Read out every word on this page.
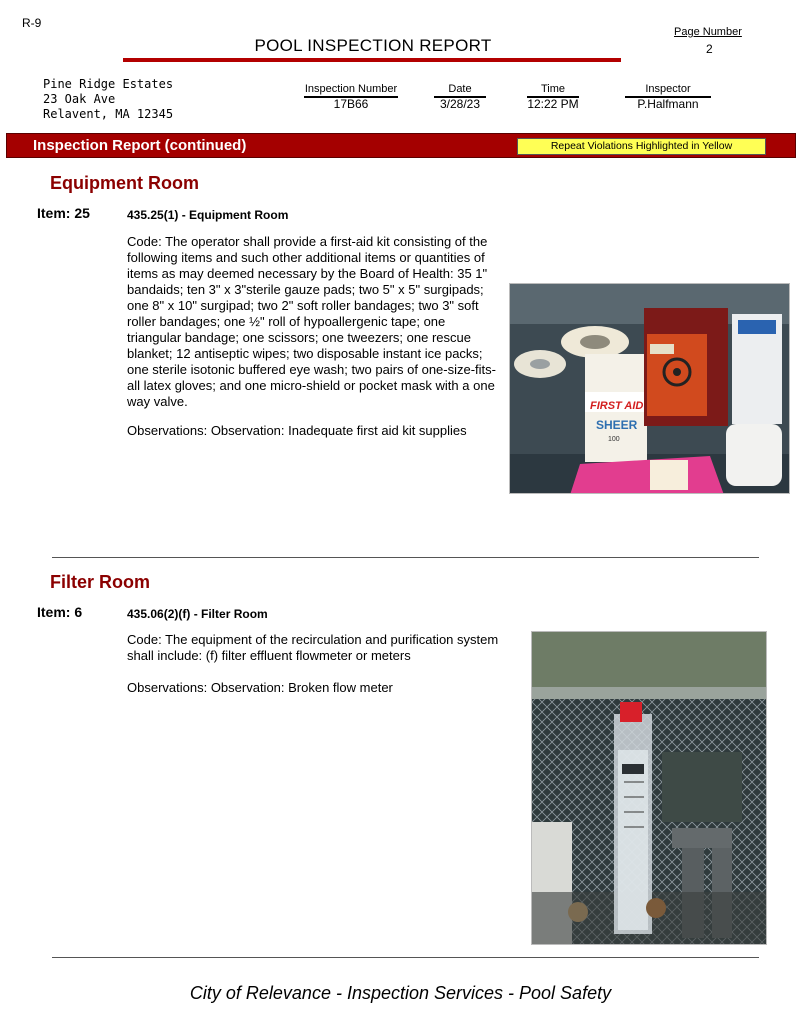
R-9
POOL INSPECTION REPORT
Page Number
2
Pine Ridge Estates
23 Oak Ave
Relavent, MA 12345
Inspection Number
17B66
Date
3/28/23
Time
12:22 PM
Inspector
P.Halfmann
Inspection Report (continued)	Repeat Violations Highlighted in Yellow
Equipment Room
Item: 25	435.25(1) - Equipment Room
Code: The operator shall provide a first-aid kit consisting of the following items and such other additional items or quantities of items as may deemed necessary by the Board of Health: 35 1" bandaids; ten 3" x 3"sterile gauze pads; two 5" x 5" surgipads; one 8" x 10" surgipad; two 2" soft roller bandages; two 3" soft roller bandages; one ½" roll of hypoallergenic tape; one triangular bandage; one scissors; one tweezers; one rescue blanket; 12 antiseptic wipes; two disposable instant ice packs; one sterile isotonic buffered eye wash; two pairs of one-size-fits-all latex gloves; and one micro-shield or pocket mask with a one way valve.
Observations: Observation: Inadequate first aid kit supplies
FIRST AID
SHEER
100
Filter Room
Item: 6	435.06(2)(f) - Filter Room
Code: The equipment of the recirculation and purification system shall include: (f) filter effluent flowmeter or meters
Observations: Observation: Broken flow meter
City of Relevance - Inspection Services - Pool Safety
